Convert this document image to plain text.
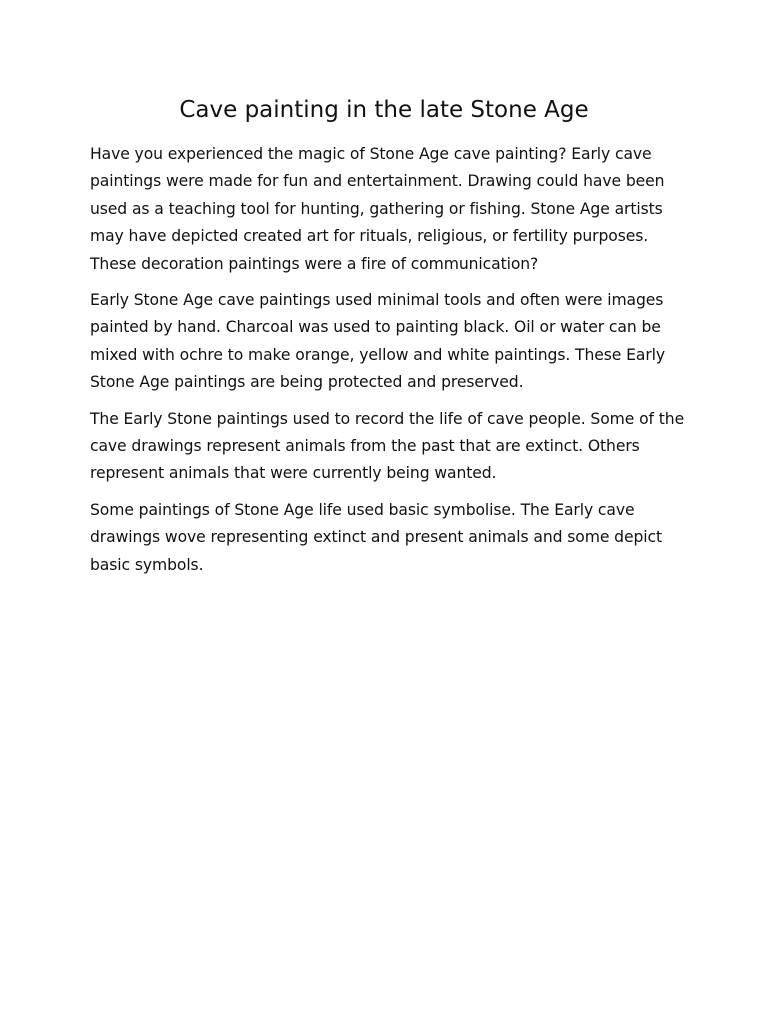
Cave painting in the late Stone Age

Have you experienced the magic of Stone Age cave painting? Early cave paintings were made for fun and entertainment. Drawing could have been used as a teaching tool for hunting, gathering or fishing. Stone Age artists may have depicted created art for rituals, religious, or fertility purposes. These decoration paintings were a fire of communication?

Early Stone Age cave paintings used minimal tools and often were images painted by hand. Charcoal was used to painting black. Oil or water can be mixed with ochre to make orange, yellow and white paintings. These Early Stone Age paintings are being protected and preserved.

The Early Stone paintings used to record the life of cave people. Some of the cave drawings represent animals from the past that are extinct. Others represent animals that were currently being wanted.

Some paintings of Stone Age life used basic symbolise. The Early cave drawings wove representing extinct and present animals and some depict basic symbols.
